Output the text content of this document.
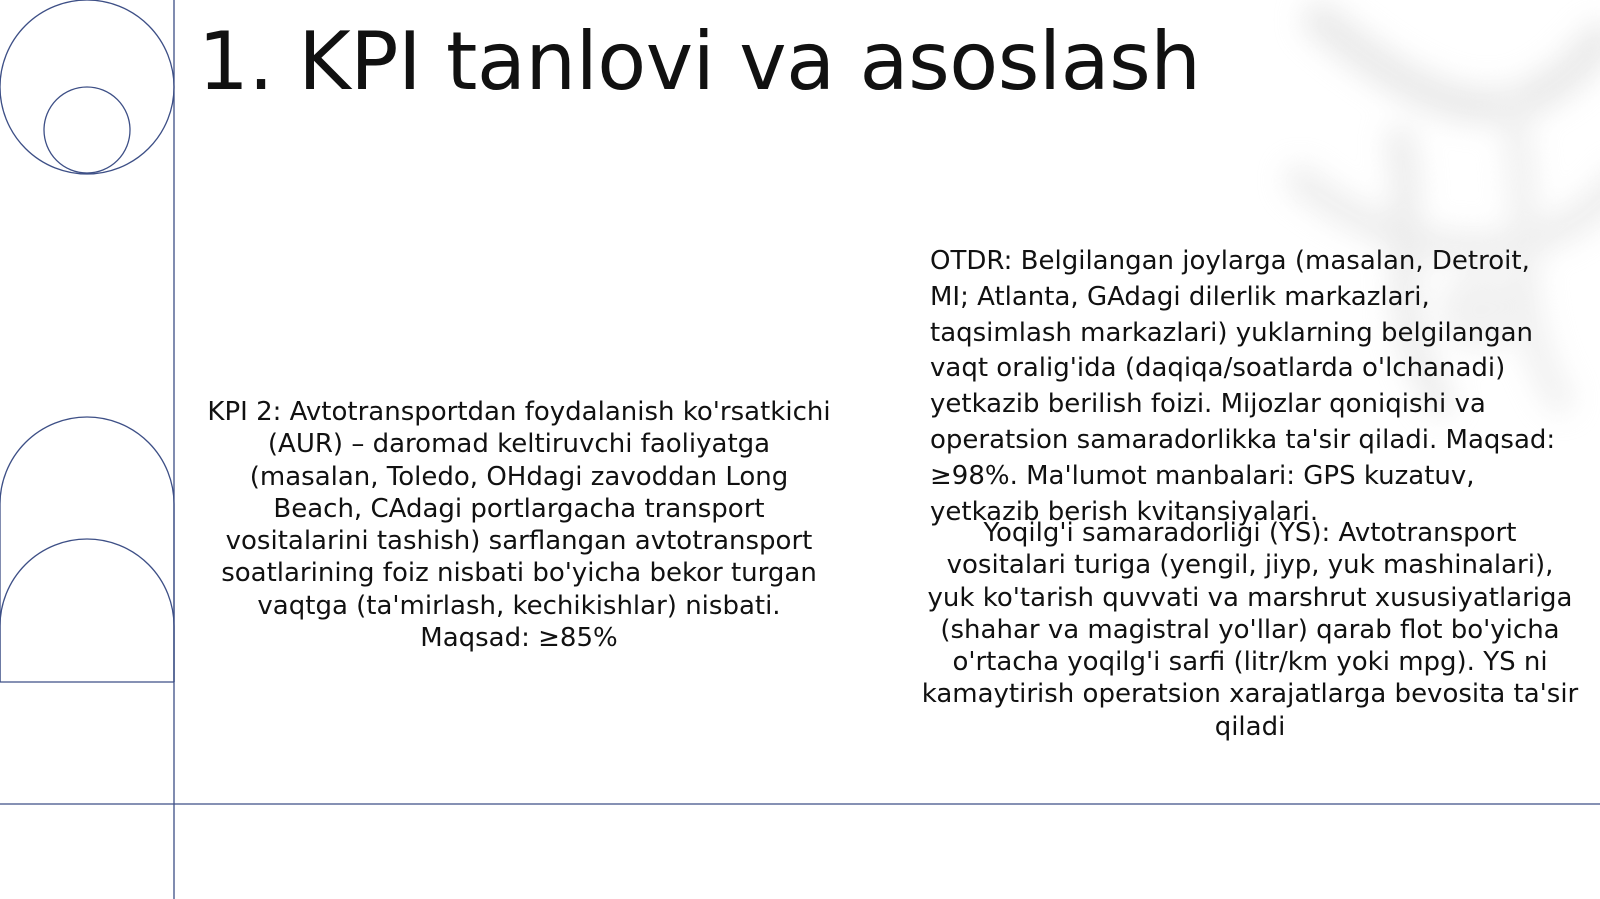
1. KPI tanlovi va asoslash

KPI 2: Avtotransportdan foydalanish ko'rsatkichi (AUR) – daromad keltiruvchi faoliyatga (masalan, Toledo, OHdagi zavoddan Long Beach, CAdagi portlargacha transport vositalarini tashish) sarflangan avtotransport soatlarining foiz nisbati bo'yicha bekor turgan vaqtga (ta'mirlash, kechikishlar) nisbati. Maqsad: ≥85%

OTDR: Belgilangan joylarga (masalan, Detroit, MI; Atlanta, GAdagi dilerlik markazlari, taqsimlash markazlari) yuklarning belgilangan vaqt oralig'ida (daqiqa/soatlarda o'lchanadi) yetkazib berilish foizi. Mijozlar qoniqishi va operatsion samaradorlikka ta'sir qiladi. Maqsad: ≥98%. Ma'lumot manbalari: GPS kuzatuv, yetkazib berish kvitansiyalari.

Yoqilg'i samaradorligi (YS): Avtotransport vositalari turiga (yengil, jiyp, yuk mashinalari), yuk ko'tarish quvvati va marshrut xususiyatlariga (shahar va magistral yo'llar) qarab flot bo'yicha o'rtacha yoqilg'i sarfi (litr/km yoki mpg). YS ni kamaytirish operatsion xarajatlarga bevosita ta'sir qiladi
